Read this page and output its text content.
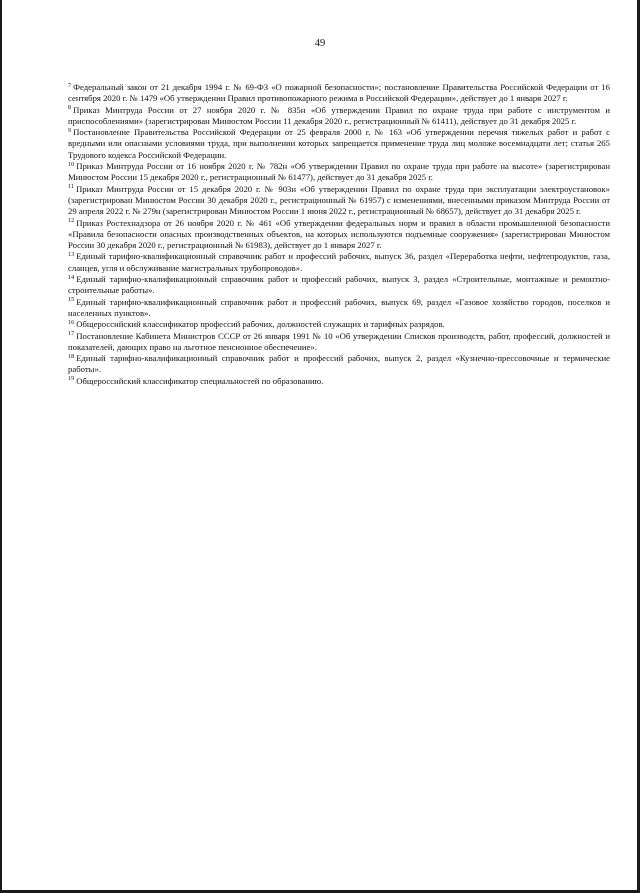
49

$^7$ Федеральный закон от 21 декабря 1994 г. № 69-ФЗ «О пожарной безопасности»; постановление Правительства Российской Федерации от 16 сентября 2020 г. № 1479 «Об утверждении Правил противопожарного режима в Российской Федерации», действует до 1 января 2027 г.

$^8$ Приказ Минтруда России от 27 ноября 2020 г. № 835н «Об утверждении Правил по охране труда при работе с инструментом и приспособлениями» (зарегистрирован Минюстом России 11 декабря 2020 г., регистрационный № 61411), действует до 31 декабря 2025 г.

$^9$ Постановление Правительства Российской Федерации от 25 февраля 2000 г. № 163 «Об утверждении перечня тяжелых работ и работ с вредными или опасными условиями труда, при выполнении которых запрещается применение труда лиц моложе восемнадцати лет; статья 265 Трудового кодекса Российской Федерации.

$^{10}$ Приказ Минтруда России от 16 ноября 2020 г. № 782н «Об утверждении Правил по охране труда при работе на высоте» (зарегистрирован Минюстом России 15 декабря 2020 г., регистрационный № 61477), действует до 31 декабря 2025 г.

$^{11}$ Приказ Минтруда России от 15 декабря 2020 г. № 903н «Об утверждении Правил по охране труда при эксплуатации электроустановок» (зарегистрирован Минюстом России 30 декабря 2020 г., регистрационный № 61957) с изменениями, внесенными приказом Минтруда России от 29 апреля 2022 г. № 279н (зарегистрирован Минюстом России 1 июня 2022 г., регистрационный № 68657), действует до 31 декабря 2025 г.

$^{12}$ Приказ Ростехнадзора от 26 ноября 2020 г. № 461 «Об утверждении федеральных норм и правил в области промышленной безопасности «Правила безопасности опасных производственных объектов, на которых используются подъемные сооружения» (зарегистрирован Минюстом России 30 декабря 2020 г., регистрационный № 61983), действует до 1 января 2027 г.

$^{13}$ Единый тарифно-квалификационный справочник работ и профессий рабочих, выпуск 36, раздел «Переработка нефти, нефтепродуктов, газа, сланцев, угля и обслуживание магистральных трубопроводов».

$^{14}$ Единый тарифно-квалификационный справочник работ и профессий рабочих, выпуск 3, раздел «Строительные, монтажные и ремонтно-строительные работы».

$^{15}$ Единый тарифно-квалификационный справочник работ и профессий рабочих, выпуск 69, раздел «Газовое хозяйство городов, поселков и населенных пунктов».

$^{16}$ Общероссийский классификатор профессий рабочих, должностей служащих и тарифных разрядов.

$^{17}$ Постановление Кабинета Министров СССР от 26 января 1991 № 10 «Об утверждении Списков производств, работ, профессий, должностей и показателей, дающих право на льготное пенсионное обеспечение».

$^{18}$ Единый тарифно-квалификационный справочник работ и профессий рабочих, выпуск 2, раздел «Кузнечно-прессовочные и термические работы».

$^{19}$ Общероссийский классификатор специальностей по образованию.
